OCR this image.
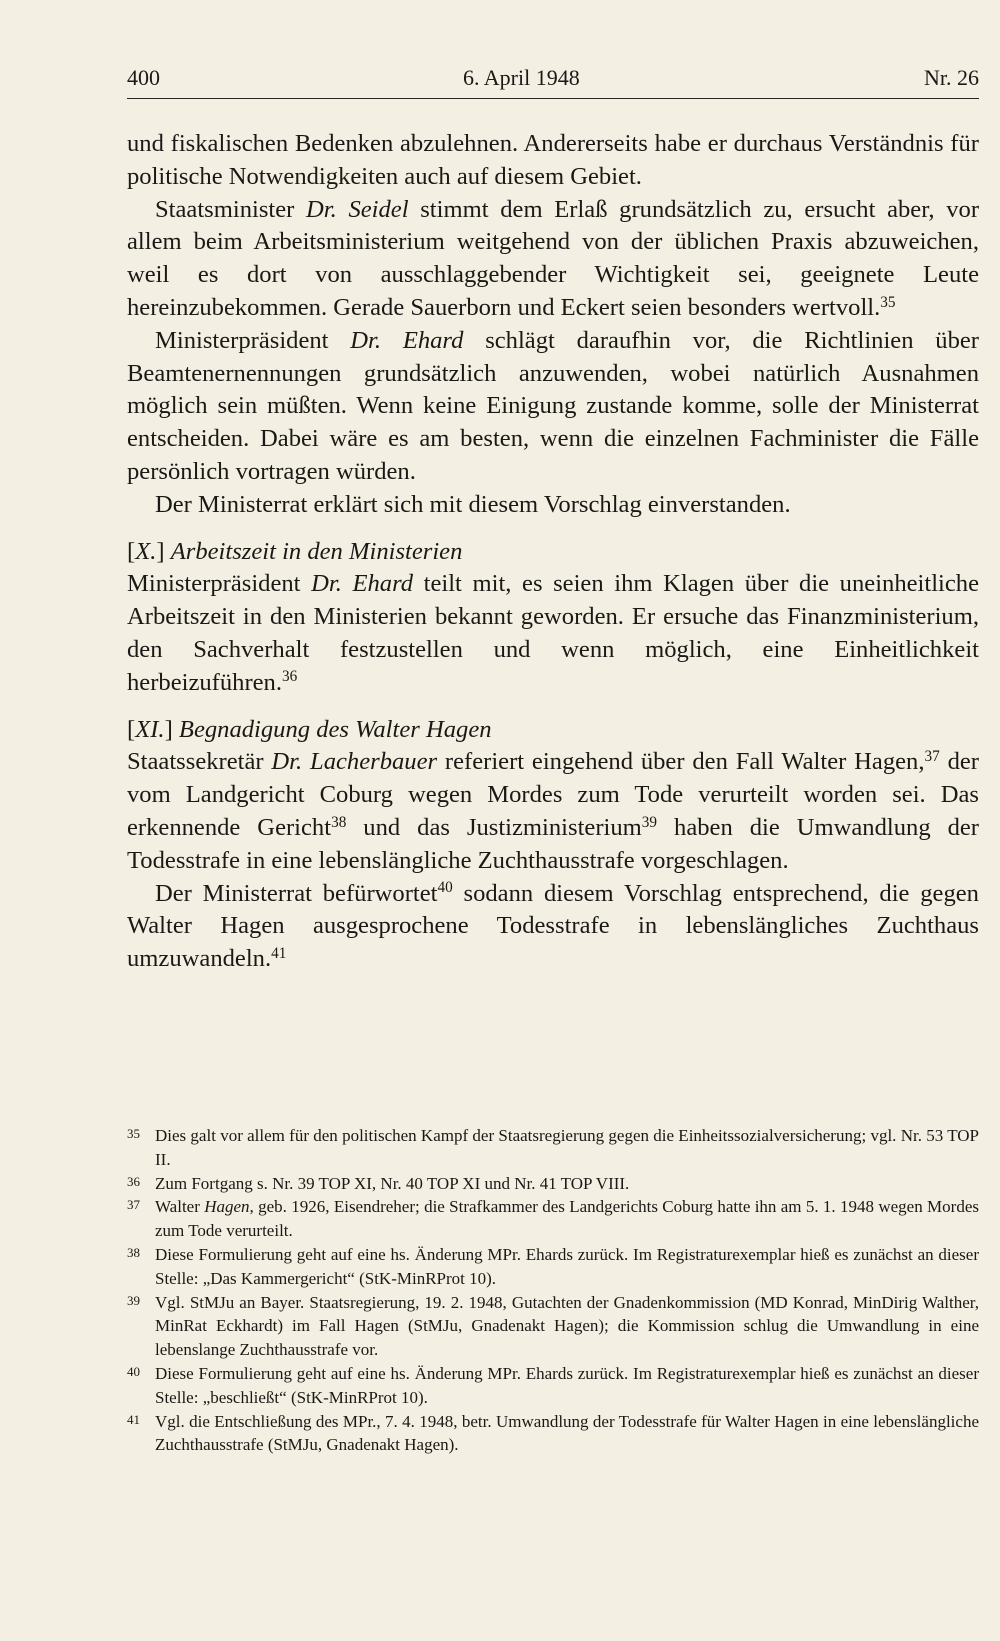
400	6. April 1948	Nr. 26

und fiskalischen Bedenken abzulehnen. Andererseits habe er durchaus Verständnis für politische Notwendigkeiten auch auf diesem Gebiet.

Staatsminister Dr. Seidel stimmt dem Erlaß grundsätzlich zu, ersucht aber, vor allem beim Arbeitsministerium weitgehend von der üblichen Praxis abzuweichen, weil es dort von ausschlaggebender Wichtigkeit sei, geeignete Leute hereinzubekommen. Gerade Sauerborn und Eckert seien besonders wertvoll.$^{35}$

Ministerpräsident Dr. Ehard schlägt daraufhin vor, die Richtlinien über Beamtenernennungen grundsätzlich anzuwenden, wobei natürlich Ausnahmen möglich sein müßten. Wenn keine Einigung zustande komme, solle der Ministerrat entscheiden. Dabei wäre es am besten, wenn die einzelnen Fachminister die Fälle persönlich vortragen würden.

Der Ministerrat erklärt sich mit diesem Vorschlag einverstanden.

[X.] Arbeitszeit in den Ministerien

Ministerpräsident Dr. Ehard teilt mit, es seien ihm Klagen über die uneinheitliche Arbeitszeit in den Ministerien bekannt geworden. Er ersuche das Finanzministerium, den Sachverhalt festzustellen und wenn möglich, eine Einheitlichkeit herbeizuführen.$^{36}$

[XI.] Begnadigung des Walter Hagen

Staatssekretär Dr. Lacherbauer referiert eingehend über den Fall Walter Hagen,$^{37}$ der vom Landgericht Coburg wegen Mordes zum Tode verurteilt worden sei. Das erkennende Gericht$^{38}$ und das Justizministerium$^{39}$ haben die Umwandlung der Todesstrafe in eine lebenslängliche Zuchthausstrafe vorgeschlagen.

Der Ministerrat befürwortet$^{40}$ sodann diesem Vorschlag entsprechend, die gegen Walter Hagen ausgesprochene Todesstrafe in lebenslängliches Zuchthaus umzuwandeln.$^{41}$

35 Dies galt vor allem für den politischen Kampf der Staatsregierung gegen die Einheitssozialversicherung; vgl. Nr. 53 TOP II.
36 Zum Fortgang s. Nr. 39 TOP XI, Nr. 40 TOP XI und Nr. 41 TOP VIII.
37 Walter Hagen, geb. 1926, Eisendreher; die Strafkammer des Landgerichts Coburg hatte ihn am 5. 1. 1948 wegen Mordes zum Tode verurteilt.
38 Diese Formulierung geht auf eine hs. Änderung MPr. Ehards zurück. Im Registraturexemplar hieß es zunächst an dieser Stelle: „Das Kammergericht“ (StK-MinRProt 10).
39 Vgl. StMJu an Bayer. Staatsregierung, 19. 2. 1948, Gutachten der Gnadenkommission (MD Konrad, MinDirig Walther, MinRat Eckhardt) im Fall Hagen (StMJu, Gnadenakt Hagen); die Kommission schlug die Umwandlung in eine lebenslange Zuchthausstrafe vor.
40 Diese Formulierung geht auf eine hs. Änderung MPr. Ehards zurück. Im Registraturexemplar hieß es zunächst an dieser Stelle: „beschließt“ (StK-MinRProt 10).
41 Vgl. die Entschließung des MPr., 7. 4. 1948, betr. Umwandlung der Todesstrafe für Walter Hagen in eine lebenslängliche Zuchthausstrafe (StMJu, Gnadenakt Hagen).
